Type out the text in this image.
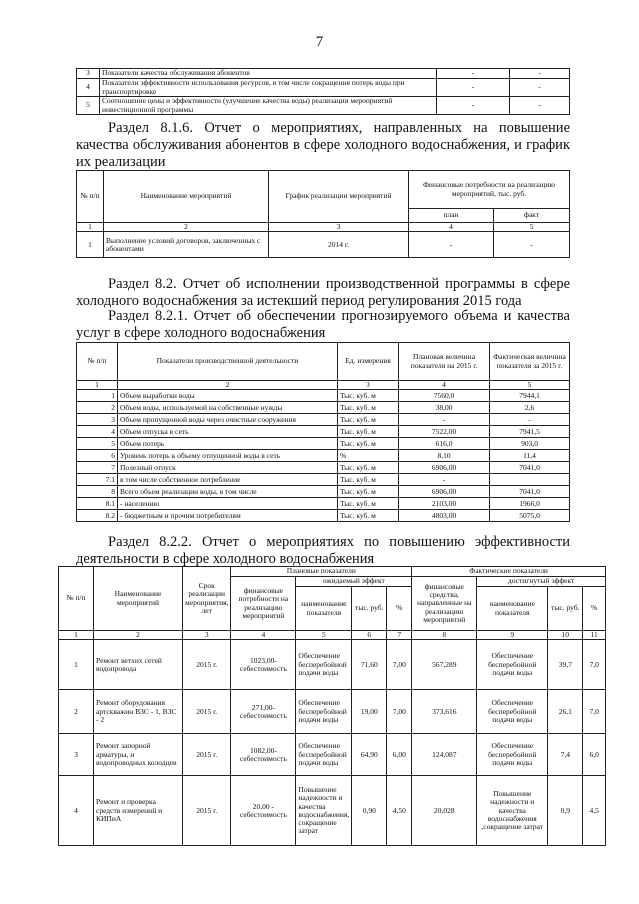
7
3	Показатели качества обслуживания абонентов	-	-
4	Показатели эффективности использования ресурсов, в том числе сокращения потерь воды при транспортировке	-	-
5	Соотношение цены и эффективности (улучшение качества воды) реализации мероприятий инвестиционной программы	-	-
Раздел 8.1.6. Отчет о мероприятиях, направленных на повышение качества обслуживания абонентов в сфере холодного водоснабжения, и график их реализации
№ п/п	Наименование мероприятий	График реализации мероприятий	Финансовые потребности на реализацию мероприятий, тыс. руб.	
			план	факт
1	2	3	4	5
1	Выполнение условий договоров, заключенных с абонентами	2014 г.	-	-
Раздел 8.2. Отчет об исполнении производственной программы в сфере холодного водоснабжения за истекший период регулирования 2015 года
Раздел 8.2.1. Отчет об обеспечении прогнозируемого объема и качества услуг в сфере холодного водоснабжения
№ п/п	Показатели производственной деятельности	Ед. измерения	Плановая величина показателя на 2015 г.	Фактическая величина показателя за 2015 г.
1	2	3	4	5
1	Объем выработки воды	Тыс. куб. м	7560,0	7944,1
2	Объем воды, используемой на собственные нужды	Тыс. куб. м	38,00	2,6
3	Объем пропущенной воды через очистные сооружения	Тыс. куб. м	-	-
4	Объем отпуска в сеть	Тыс. куб. м	7522,00	7941,5
5	Объем потерь	Тыс. куб. м	616,0	903,0
6	Уровень потерь к объему отпущенной воды в сеть	%	8,10	11,4
7	Полезный отпуск	Тыс. куб. м	6906,00	7041,0
7.1	в том числе собственное потребление	Тыс. куб. м	-	
8	Всего объем реализации воды, в том числе	Тыс. куб. м	6906,00	7041,0
8.1	- населению	Тыс. куб. м	2103,00	1966,0
8.2	- бюджетным и прочим потребителям	Тыс. куб. м	4803,00	5075,0
Раздел 8.2.2. Отчет о мероприятиях по повышению эффективности деятельности в сфере холодного водоснабжения
№ п/п	Наименование мероприятий	Срок реализации мероприятия, лет	Плановые показатели				Фактические показатели			
			финансовые потребности на реализацию мероприятий	ожидаемый эффект			финансовые средства, направленные на реализацию мероприятий	достигнутый эффект		
				наименование показателя	тыс. руб.	%		наименование показателя	тыс. руб.	%
1	2	3	4	5	6	7	8	9	10	11
1	Ремонт ветхих сетей водопровода	2015 г.	1023,00-себестоимость	Обеспечение бесперебойной подачи воды	71,60	7,00	567,289	Обеспечение бесперебойной подачи воды	39,7	7,0
2	Ремонт оборудования артскважин ВЗС - 1, ВЗС - 2	2015 г.	271,00-себестоимость	Обеспечение бесперебойной подачи воды	19,00	7,00	373,616	Обеспечение бесперебойной подачи воды	26,1	7,0
3	Ремонт запорной арматуры, и водопроводных колодцев	2015 г.	1082,00-себестоимость	Обеспечение бесперебойной подачи воды	64,90	6,00	124,087	Обеспечение бесперебойной подачи воды	7,4	6,0
4	Ремонт и проверка средств измерений и КИПиА	2015 г.	20,00 - себестоимость	Повышение надежности и качества водоснабжения, сокращение затрат	0,90	4,50	20,028	Повышение надежности и качества водоснабжения ,сокращение затрат	0,9	4,5
